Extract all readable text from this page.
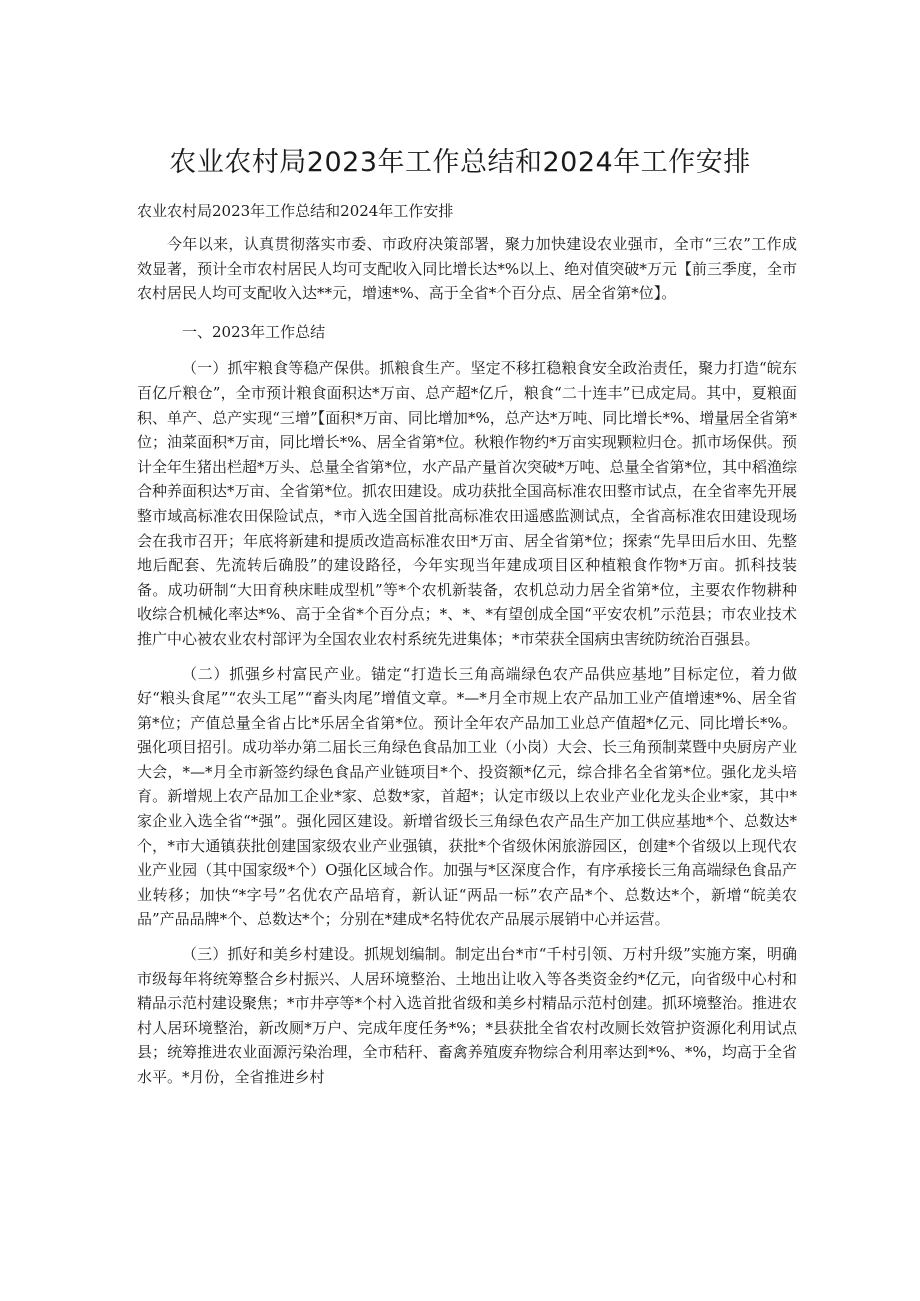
农业农村局2023年工作总结和2024年工作安排

农业农村局2023年工作总结和2024年工作安排

今年以来，认真贯彻落实市委、市政府决策部署，聚力加快建设农业强市，全市“三农”工作成效显著，预计全市农村居民人均可支配收入同比增长达*%以上、绝对值突破*万元【前三季度，全市农村居民人均可支配收入达**元，增速*%、高于全省*个百分点、居全省第*位】。

一、2023年工作总结

（一）抓牢粮食等稳产保供。抓粮食生产。坚定不移扛稳粮食安全政治责任，聚力打造“皖东百亿斤粮仓”，全市预计粮食面积达*万亩、总产超*亿斤，粮食“二十连丰”已成定局。其中，夏粮面积、单产、总产实现“三增”【面积*万亩、同比增加*%，总产达*万吨、同比增长*%、增量居全省第*位；油菜面积*万亩，同比增长*%、居全省第*位。秋粮作物约*万亩实现颗粒归仓。抓市场保供。预计全年生猪出栏超*万头、总量全省第*位，水产品产量首次突破*万吨、总量全省第*位，其中稻渔综合种养面积达*万亩、全省第*位。抓农田建设。成功获批全国高标准农田整市试点，在全省率先开展整市域高标准农田保险试点，*市入选全国首批高标准农田遥感监测试点，全省高标准农田建设现场会在我市召开；年底将新建和提质改造高标准农田*万亩、居全省第*位；探索“先旱田后水田、先整地后配套、先流转后确股”的建设路径，今年实现当年建成项目区种植粮食作物*万亩。抓科技装备。成功研制“大田育秧床畦成型机”等*个农机新装备，农机总动力居全省第*位，主要农作物耕种收综合机械化率达*%、高于全省*个百分点；*、*、*有望创成全国“平安农机”示范县；市农业技术推广中心被农业农村部评为全国农业农村系统先进集体；*市荣获全国病虫害统防统治百强县。

（二）抓强乡村富民产业。锚定“打造长三角高端绿色农产品供应基地”目标定位，着力做好“粮头食尾”“农头工尾”“畜头肉尾”增值文章。*—*月全市规上农产品加工业产值增速*%、居全省第*位；产值总量全省占比*乐居全省第*位。预计全年农产品加工业总产值超*亿元、同比增长*%。强化项目招引。成功举办第二届长三角绿色食品加工业（小岗）大会、长三角预制菜暨中央厨房产业大会，*—*月全市新签约绿色食品产业链项目*个、投资额*亿元，综合排名全省第*位。强化龙头培育。新增规上农产品加工企业*家、总数*家，首超*；认定市级以上农业产业化龙头企业*家，其中*家企业入选全省“*强”。强化园区建设。新增省级长三角绿色农产品生产加工供应基地*个、总数达*个，*市大通镇获批创建国家级农业产业强镇，获批*个省级休闲旅游园区，创建*个省级以上现代农业产业园（其中国家级*个）O强化区域合作。加强与*区深度合作，有序承接长三角高端绿色食品产业转移；加快“*字号”名优农产品培育，新认证“两品一标”农产品*个、总数达*个，新增“皖美农品”产品品牌*个、总数达*个；分别在*建成*名特优农产品展示展销中心并运营。

（三）抓好和美乡村建设。抓规划编制。制定出台*市“千村引领、万村升级”实施方案，明确市级每年将统筹整合乡村振兴、人居环境整治、土地出让收入等各类资金约*亿元，向省级中心村和精品示范村建设聚焦；*市井亭等*个村入选首批省级和美乡村精品示范村创建。抓环境整治。推进农村人居环境整治，新改厕*万户、完成年度任务*%；*县获批全省农村改厕长效管护资源化利用试点县；统筹推进农业面源污染治理，全市秸秆、畜禽养殖废弃物综合利用率达到*%、*%，均高于全省水平。*月份，全省推进乡村
